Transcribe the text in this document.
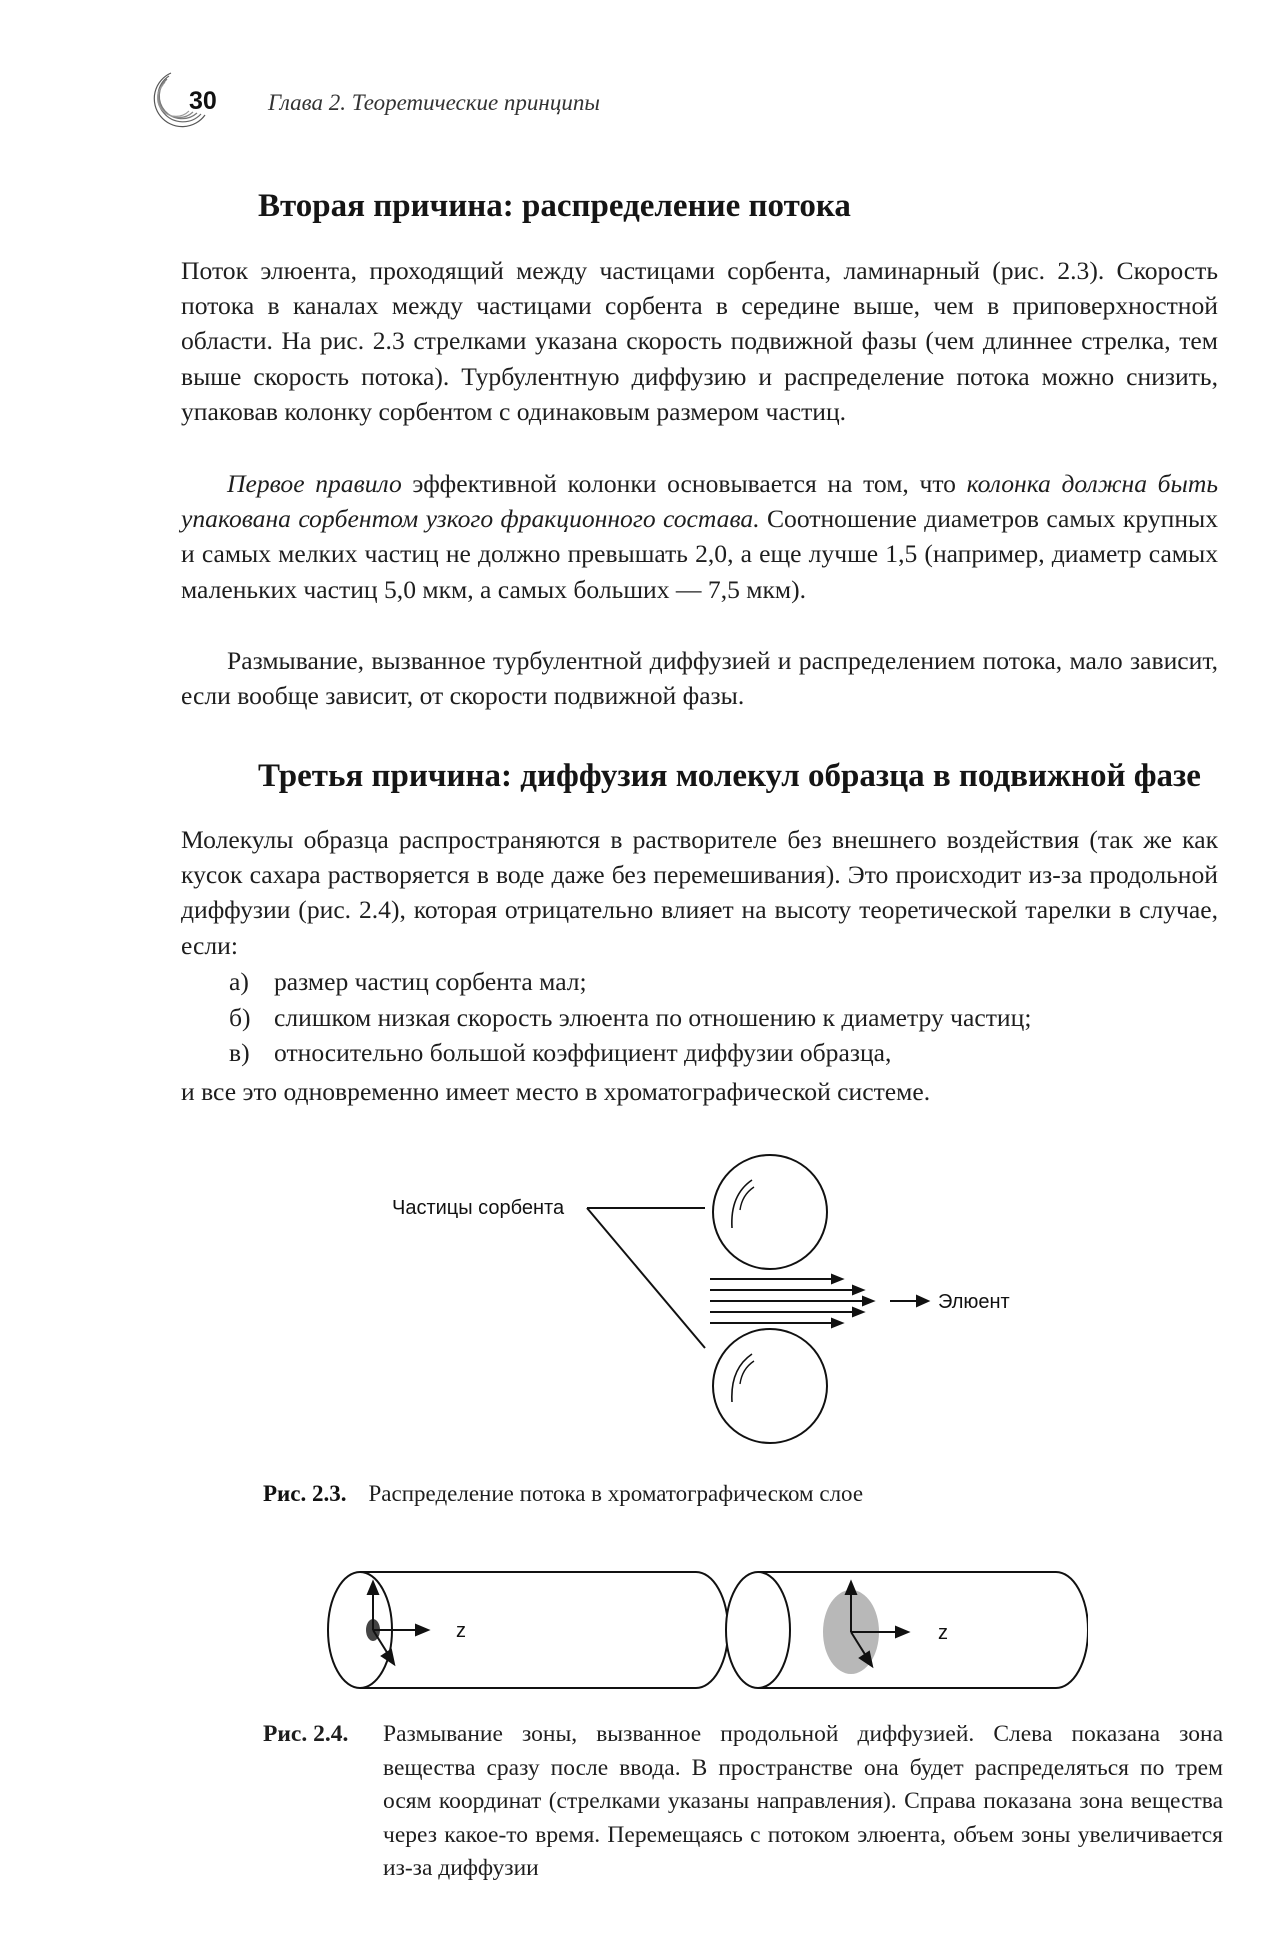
30 Глава 2. Теоретические принципы
Вторая причина: распределение потока

Поток элюента, проходящий между частицами сорбента, ламинарный (рис. 2.3). Скорость потока в каналах между частицами сорбента в середине выше, чем в приповерхностной области. На рис. 2.3 стрелками указана скорость подвижной фазы (чем длиннее стрелка, тем выше скорость потока). Турбулентную диффузию и распределение потока можно снизить, упаковав колонку сорбентом с одинаковым размером частиц.

Первое правило эффективной колонки основывается на том, что колонка должна быть упакована сорбентом узкого фракционного состава. Соотношение диаметров самых крупных и самых мелких частиц не должно превышать 2,0, а еще лучше 1,5 (например, диаметр самых маленьких частиц 5,0 мкм, а самых больших — 7,5 мкм).

Размывание, вызванное турбулентной диффузией и распределением потока, мало зависит, если вообще зависит, от скорости подвижной фазы.

Третья причина: диффузия молекул образца в подвижной фазе

Молекулы образца распространяются в растворителе без внешнего воздействия (так же как кусок сахара растворяется в воде даже без перемешивания). Это происходит из-за продольной диффузии (рис. 2.4), которая отрицательно влияет на высоту теоретической тарелки в случае, если:

а) размер частиц сорбента мал;
б) слишком низкая скорость элюента по отношению к диаметру частиц;
в) относительно большой коэффициент диффузии образца,
и все это одновременно имеет место в хроматографической системе.
Частицы сорбента
Элюент
Рис. 2.3. Распределение потока в хроматографическом слое
z	z
Рис. 2.4. Размывание зоны, вызванное продольной диффузией. Слева показана зона вещества сразу после ввода. В пространстве она будет распределяться по трем осям координат (стрелками указаны направления). Справа показана зона вещества через какое-то время. Перемещаясь с потоком элюента, объем зоны увеличивается из-за диффузии
